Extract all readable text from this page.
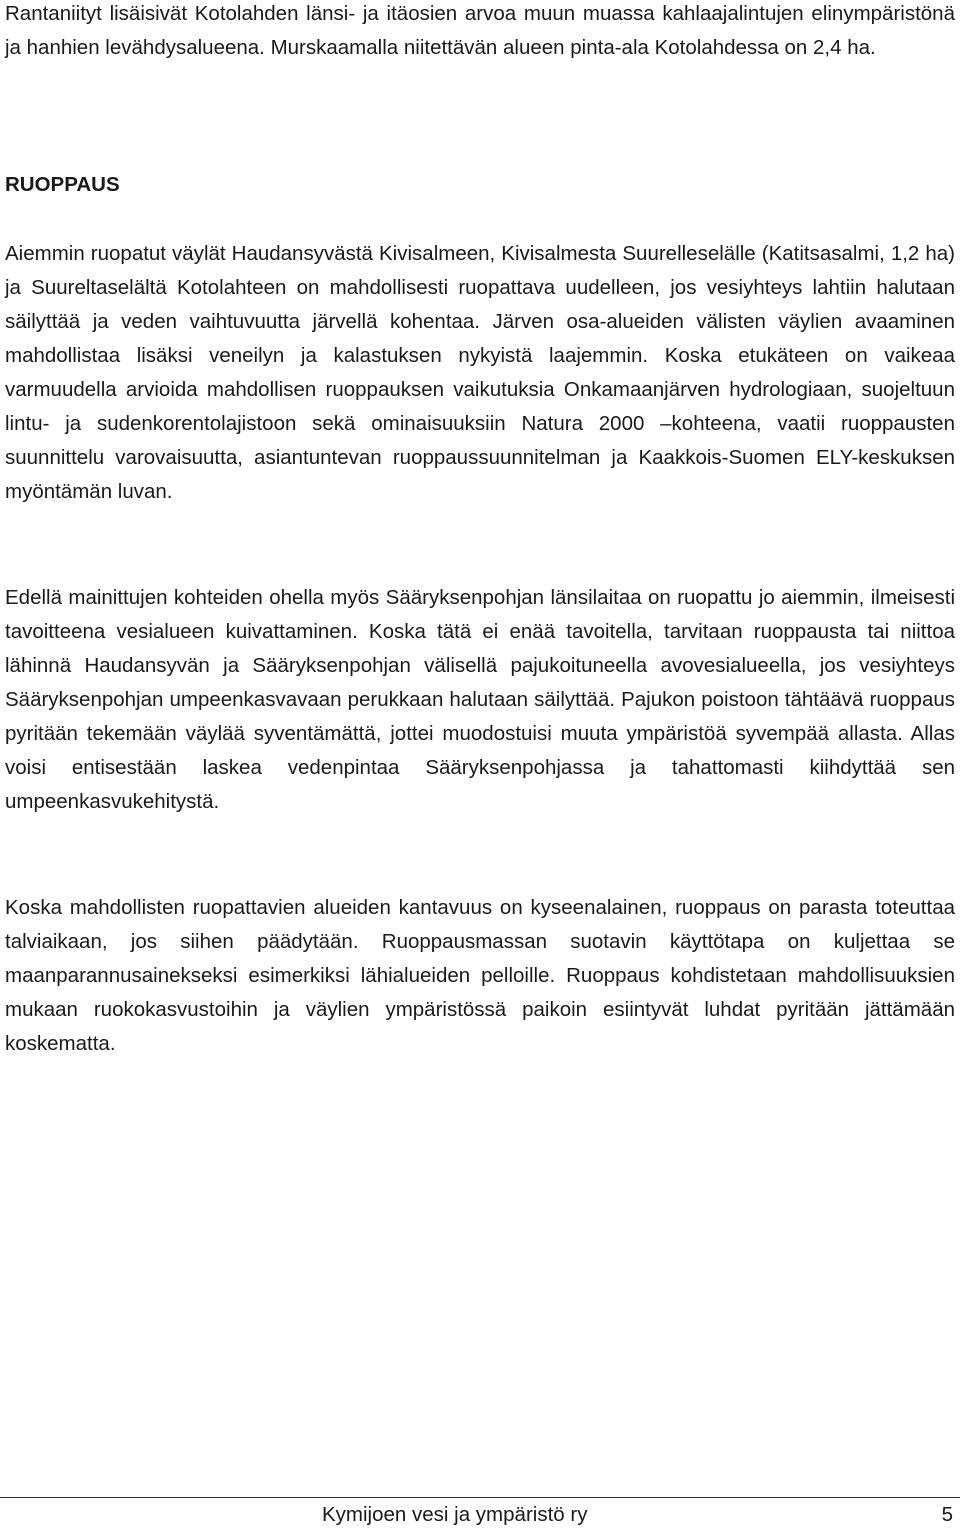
Rantaniityt lisäisivät Kotolahden länsi- ja itäosien arvoa muun muassa kahlaajalintujen elinympäristönä ja hanhien levähdysalueena. Murskaamalla niitettävän alueen pinta-ala Kotolahdessa on 2,4 ha.

RUOPPAUS

Aiemmin ruopatut väylät Haudansyvästä Kivisalmeen, Kivisalmesta Suurelleselälle (Katitsasalmi, 1,2 ha) ja Suureltaselältä Kotolahteen on mahdollisesti ruopattava uudelleen, jos vesiyhteys lahtiin halutaan säilyttää ja veden vaihtuvuutta järvellä kohentaa. Järven osa-alueiden välisten väylien avaaminen mahdollistaa lisäksi veneilyn ja kalastuksen nykyistä laajemmin. Koska etukäteen on vaikeaa varmuudella arvioida mahdollisen ruoppauksen vaikutuksia Onkamaanjärven hydrologiaan, suojeltuun lintu- ja sudenkorentolajistoon sekä ominaisuuksiin Natura 2000 –kohteena, vaatii ruoppausten suunnittelu varovaisuutta, asiantuntevan ruoppaussuunnitelman ja Kaakkois-Suomen ELY-keskuksen myöntämän luvan.

Edellä mainittujen kohteiden ohella myös Sääryksenpohjan länsilaitaa on ruopattu jo aiemmin, ilmeisesti tavoitteena vesialueen kuivattaminen. Koska tätä ei enää tavoitella, tarvitaan ruoppausta tai niittoa lähinnä Haudansyvän ja Sääryksenpohjan välisellä pajukoituneella avovesialueella, jos vesiyhteys Sääryksenpohjan umpeenkasvavaan perukkaan halutaan säilyttää. Pajukon poistoon tähtäävä ruoppaus pyritään tekemään väylää syventämättä, jottei muodostuisi muuta ympäristöä syvempää allasta. Allas voisi entisestään laskea vedenpintaa Sääryksenpohjassa ja tahattomasti kiihdyttää sen umpeenkasvukehitystä.

Koska mahdollisten ruopattavien alueiden kantavuus on kyseenalainen, ruoppaus on parasta toteuttaa talviaikaan, jos siihen päädytään. Ruoppausmassan suotavin käyttötapa on kuljettaa se maanparannusainekseksi esimerkiksi lähialueiden pelloille. Ruoppaus kohdistetaan mahdollisuuksien mukaan ruokokasvustoihin ja väylien ympäristössä paikoin esiintyvät luhdat pyritään jättämään koskematta.

Kymijoen vesi ja ympäristö ry	5
